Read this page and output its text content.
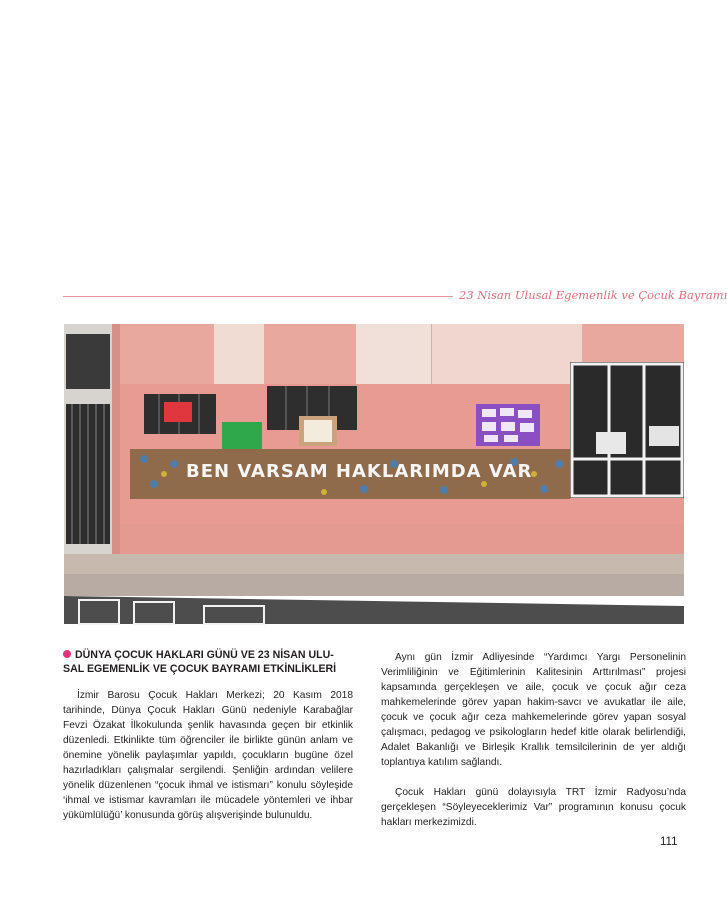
23 Nisan Ulusal Egemenlik ve Çocuk Bayramı
BEN VARSAM HAKLARIMDA VAR
DÜNYA ÇOCUK HAKLARI GÜNÜ VE 23 NİSAN ULU-
SAL EGEMENLİK VE ÇOCUK BAYRAMI ETKİNLİKLERİ

İzmir Barosu Çocuk Hakları Merkezi; 20 Kasım 2018 tarihinde, Dünya Çocuk Hakları Günü nedeniyle Karabağlar Fevzi Özakat İlkokulunda şenlik havasında geçen bir etkinlik düzenledi. Etkinlikte tüm öğrenciler ile birlikte günün anlam ve önemine yönelik paylaşımlar yapıldı, çocukların bugüne özel hazırladıkları çalışmalar sergilendi. Şenliğin ardından velilere yönelik düzenlenen “çocuk ihmal ve istismarı” konulu söyleşide ‘ihmal ve istismar kavramları ile mücadele yöntemleri ve ihbar yükümlülüğü’ konusunda görüş alışverişinde bulunuldu.

Aynı gün İzmir Adliyesinde “Yardımcı Yargı Personelinin Verimliliğinin ve Eğitimlerinin Kalitesinin Arttırılması” projesi kapsamında gerçekleşen ve aile, çocuk ve çocuk ağır ceza mahkemelerinde görev yapan hakim-savcı ve avukatlar ile aile, çocuk ve çocuk ağır ceza mahkemelerinde görev yapan sosyal çalışmacı, pedagog ve psikologların hedef kitle olarak belirlendiği, Adalet Bakanlığı ve Birleşik Krallık temsilcilerinin de yer aldığı toplantıya katılım sağlandı.

Çocuk Hakları günü dolayısıyla TRT İzmir Radyosu’nda gerçekleşen “Söyleyeceklerimiz Var” programının konusu çocuk hakları merkezimizdi.

111
